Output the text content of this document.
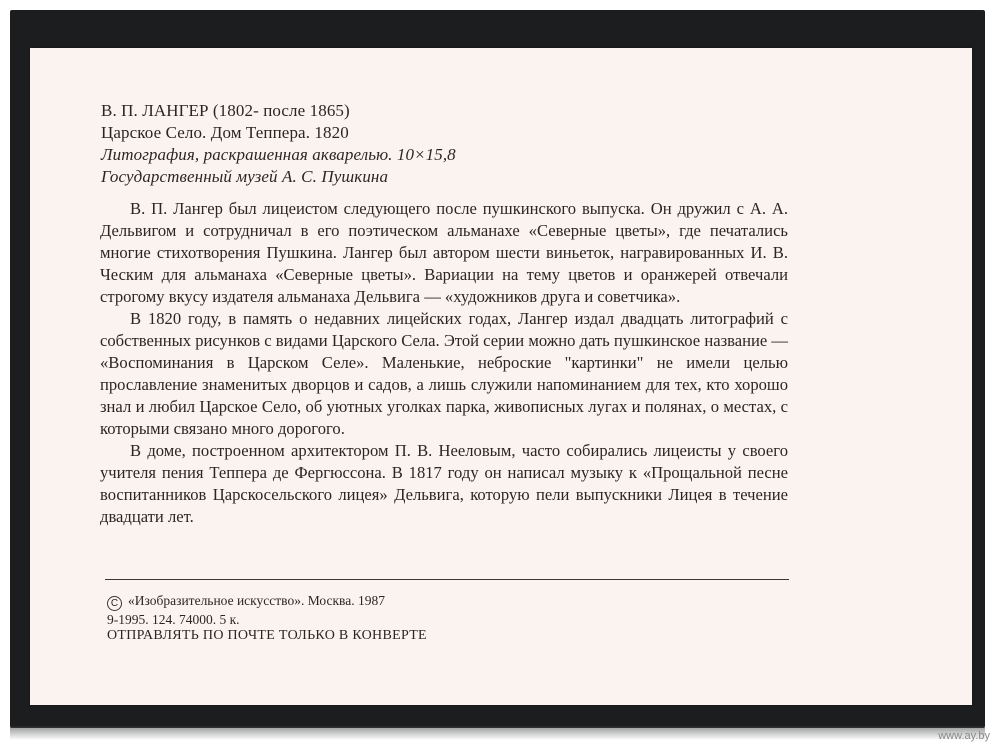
В. П. ЛАНГЕР (1802- после 1865)
Царское Село. Дом Теппера. 1820
Литография, раскрашенная акварелью. 10×15,8
Государственный музей А. С. Пушкина

В. П. Лангер был лицеистом следующего после пушкинского выпуска. Он дружил с А. А. Дельвигом и сотрудничал в его поэтическом альманахе «Северные цветы», где печатались многие стихотворения Пушкина. Лангер был автором шести виньеток, награвированных И. В. Ческим для альманаха «Северные цветы». Вариации на тему цветов и оранжерей отвечали строгому вкусу издателя альманаха Дельвига — «художников друга и советчика».

В 1820 году, в память о недавних лицейских годах, Лангер издал двадцать литографий с собственных рисунков с видами Царского Села. Этой серии можно дать пушкинское название — «Воспоминания в Царском Селе». Маленькие, неброские "картинки" не имели целью прославление знаменитых дворцов и садов, а лишь служили напоминанием для тех, кто хорошо знал и любил Царское Село, об уютных уголках парка, живописных лугах и полянах, о местах, с которыми связано много дорогого.

В доме, построенном архитектором П. В. Нееловым, часто собирались лицеисты у своего учителя пения Теппера де Фергюссона. В 1817 году он написал музыку к «Прощальной песне воспитанников Царскосельского лицея» Дельвига, которую пели выпускники Лицея в течение двадцати лет.

C «Изобразительное искусство». Москва. 1987
9-1995. 124. 74000. 5 к.
ОТПРАВЛЯТЬ ПО ПОЧТЕ ТОЛЬКО В КОНВЕРТЕ
www.ay.by
